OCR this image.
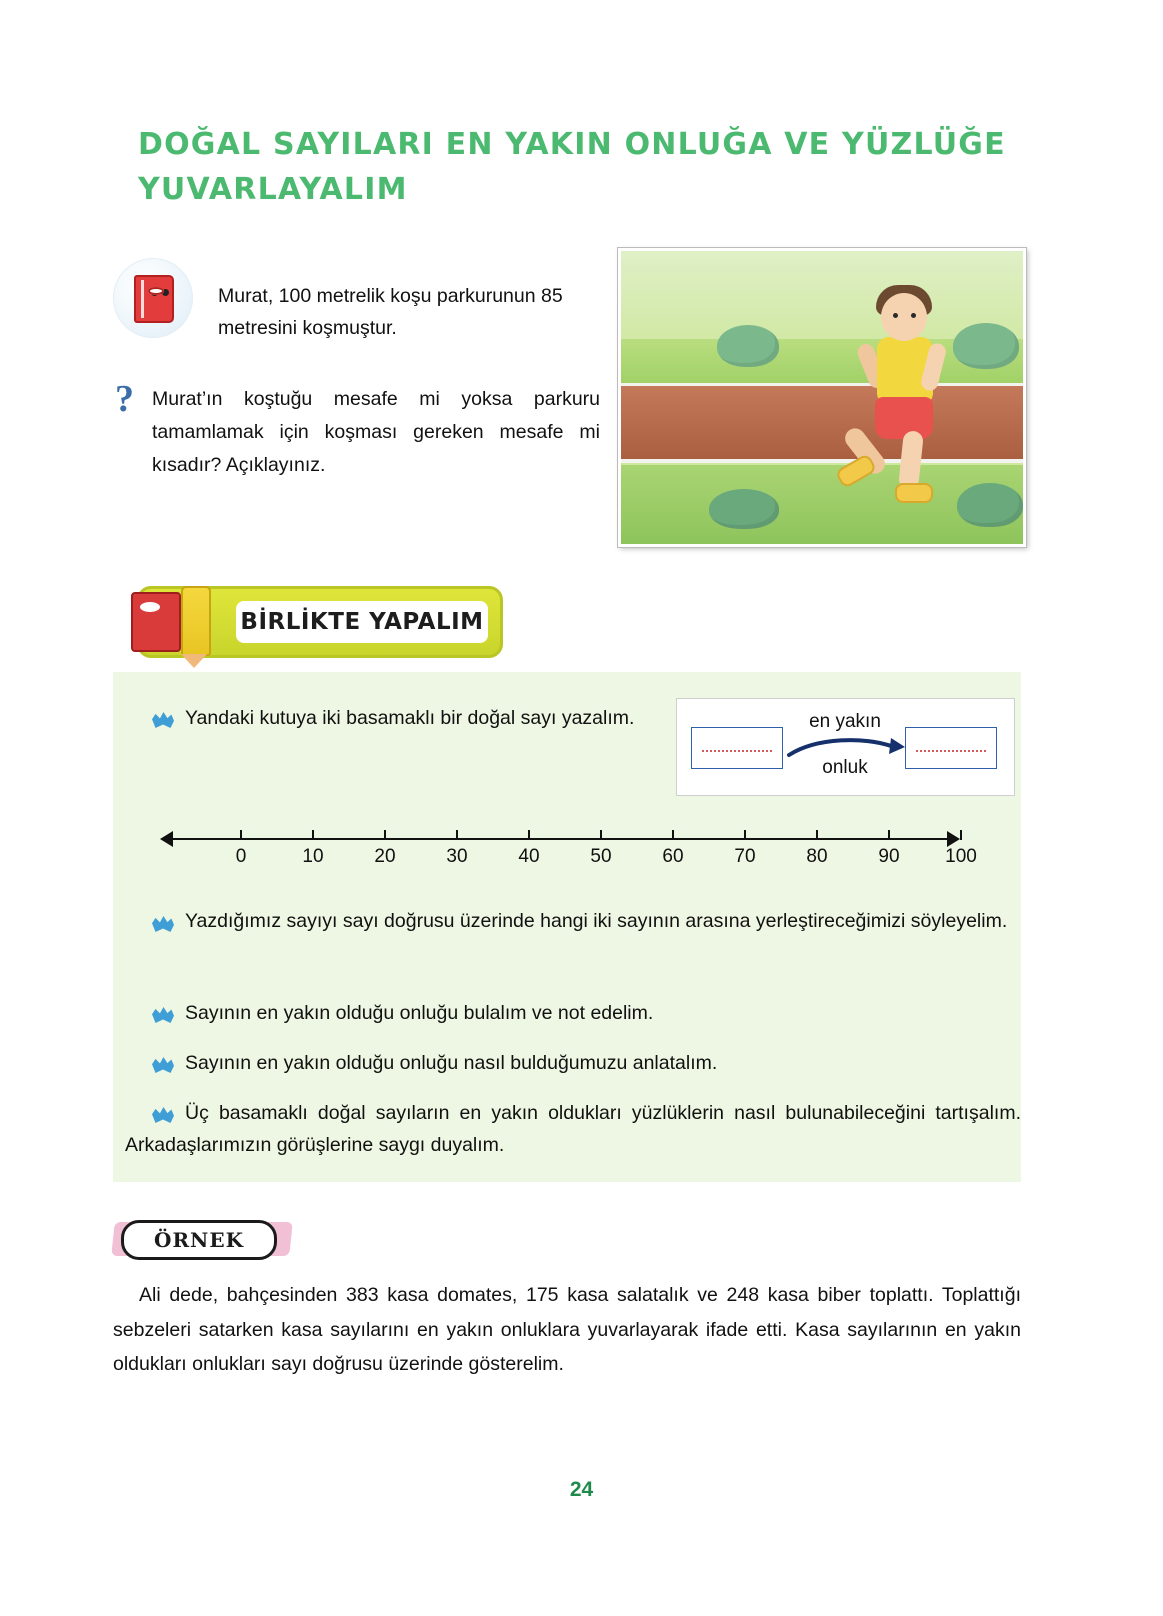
DOĞAL SAYILARI EN YAKIN ONLUĞA VE YÜZLÜĞE
YUVARLAYALIM
Murat, 100 metrelik koşu parkurunun 85 metresini koşmuştur.
? Murat’ın koştuğu mesafe mi yoksa parkuru tamamlamak için koşması gereken mesafe mi kısadır? Açıklayınız.
BİRLİKTE YAPALIM
Yandaki kutuya iki basamaklı bir doğal sayı yazalım.	en yakın
onluk
0	10	20	30	40	50	60	70	80	90	100
Yazdığımız sayıyı sayı doğrusu üzerinde hangi iki sayının arasına yerleştireceğimizi söyleyelim.
Sayının en yakın olduğu onluğu bulalım ve not edelim.
Sayının en yakın olduğu onluğu nasıl bulduğumuzu anlatalım.
Üç basamaklı doğal sayıların en yakın oldukları yüzlüklerin nasıl bulunabileceğini tartışalım. Arkadaşlarımızın görüşlerine saygı duyalım.
ÖRNEK
Ali dede, bahçesinden 383 kasa domates, 175 kasa salatalık ve 248 kasa biber toplattı. Toplattığı sebzeleri satarken kasa sayılarını en yakın onluklara yuvarlayarak ifade etti. Kasa sayılarının en yakın oldukları onlukları sayı doğrusu üzerinde gösterelim.
24
